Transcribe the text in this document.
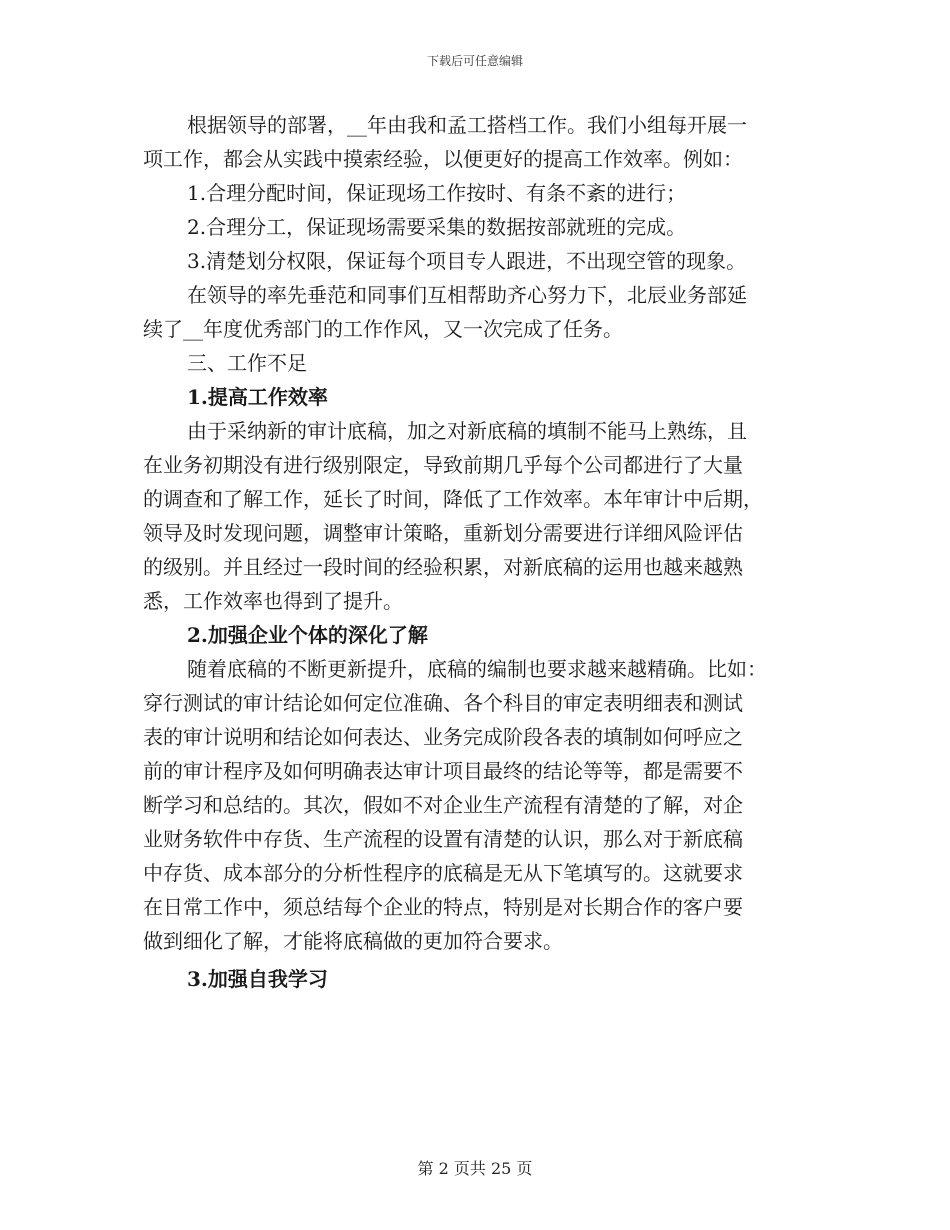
下载后可任意编辑
根据领导的部署，__年由我和孟工搭档工作。我们小组每开展一
项工作，都会从实践中摸索经验，以便更好的提高工作效率。例如：
1.合理分配时间，保证现场工作按时、有条不紊的进行；
2.合理分工，保证现场需要采集的数据按部就班的完成。
3.清楚划分权限，保证每个项目专人跟进，不出现空管的现象。
在领导的率先垂范和同事们互相帮助齐心努力下，北辰业务部延
续了__年度优秀部门的工作作风，又一次完成了任务。
三、工作不足
1.提高工作效率
由于采纳新的审计底稿，加之对新底稿的填制不能马上熟练，且
在业务初期没有进行级别限定，导致前期几乎每个公司都进行了大量
的调查和了解工作，延长了时间，降低了工作效率。本年审计中后期，
领导及时发现问题，调整审计策略，重新划分需要进行详细风险评估
的级别。并且经过一段时间的经验积累，对新底稿的运用也越来越熟
悉，工作效率也得到了提升。
2.加强企业个体的深化了解
随着底稿的不断更新提升，底稿的编制也要求越来越精确。比如：
穿行测试的审计结论如何定位准确、各个科目的审定表明细表和测试
表的审计说明和结论如何表达、业务完成阶段各表的填制如何呼应之
前的审计程序及如何明确表达审计项目最终的结论等等，都是需要不
断学习和总结的。其次，假如不对企业生产流程有清楚的了解，对企
业财务软件中存货、生产流程的设置有清楚的认识，那么对于新底稿
中存货、成本部分的分析性程序的底稿是无从下笔填写的。这就要求
在日常工作中，须总结每个企业的特点，特别是对长期合作的客户要
做到细化了解，才能将底稿做的更加符合要求。
3.加强自我学习
第 2 页共 25 页
